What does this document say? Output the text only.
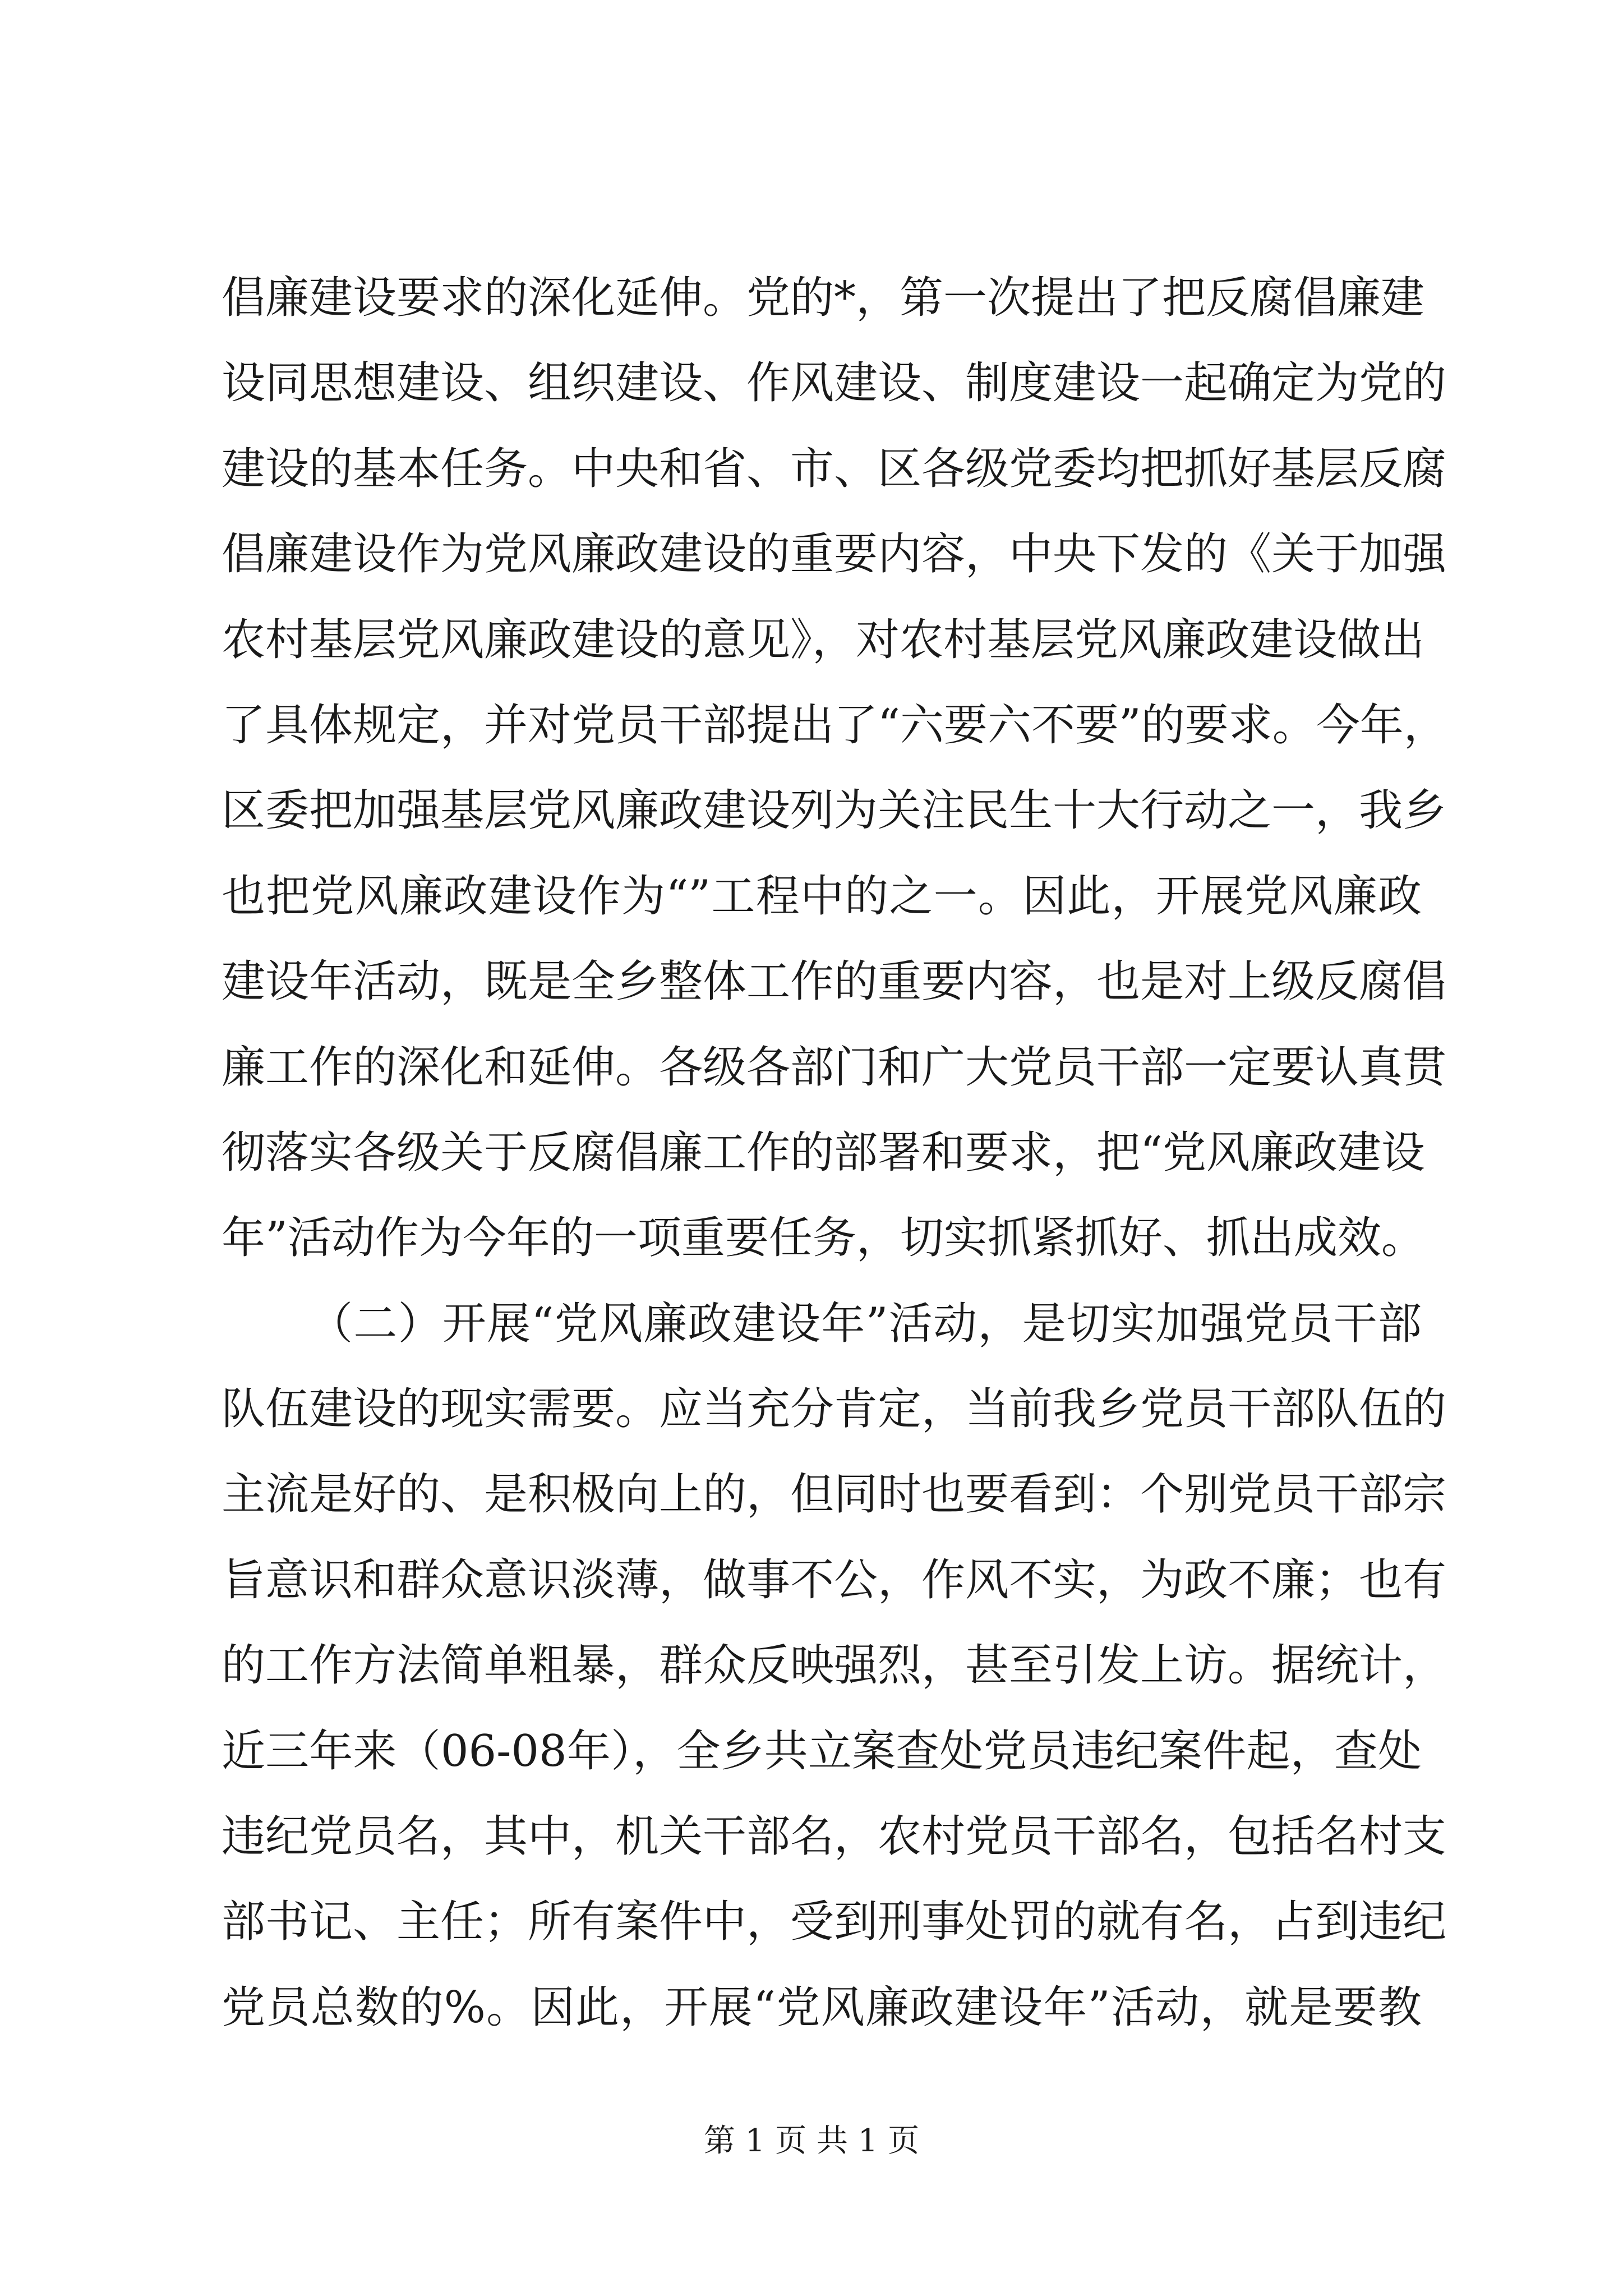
倡廉建设要求的深化延伸。党的*，第一次提出了把反腐倡廉建
设同思想建设、组织建设、作风建设、制度建设一起确定为党的
建设的基本任务。中央和省、市、区各级党委均把抓好基层反腐
倡廉建设作为党风廉政建设的重要内容，中央下发的《关于加强
农村基层党风廉政建设的意见》，对农村基层党风廉政建设做出
了具体规定，并对党员干部提出了“六要六不要”的要求。今年，
区委把加强基层党风廉政建设列为关注民生十大行动之一，我乡
也把党风廉政建设作为“”工程中的之一。因此，开展党风廉政
建设年活动，既是全乡整体工作的重要内容，也是对上级反腐倡
廉工作的深化和延伸。各级各部门和广大党员干部一定要认真贯
彻落实各级关于反腐倡廉工作的部署和要求，把“党风廉政建设
年”活动作为今年的一项重要任务，切实抓紧抓好、抓出成效。
（二）开展“党风廉政建设年”活动，是切实加强党员干部
队伍建设的现实需要。应当充分肯定，当前我乡党员干部队伍的
主流是好的、是积极向上的，但同时也要看到：个别党员干部宗
旨意识和群众意识淡薄，做事不公，作风不实，为政不廉；也有
的工作方法简单粗暴，群众反映强烈，甚至引发上访。据统计，
近三年来（06-08年），全乡共立案查处党员违纪案件起，查处
违纪党员名，其中，机关干部名，农村党员干部名，包括名村支
部书记、主任；所有案件中，受到刑事处罚的就有名，占到违纪
党员总数的%。因此，开展“党风廉政建设年”活动，就是要教
第 1 页 共 1 页
